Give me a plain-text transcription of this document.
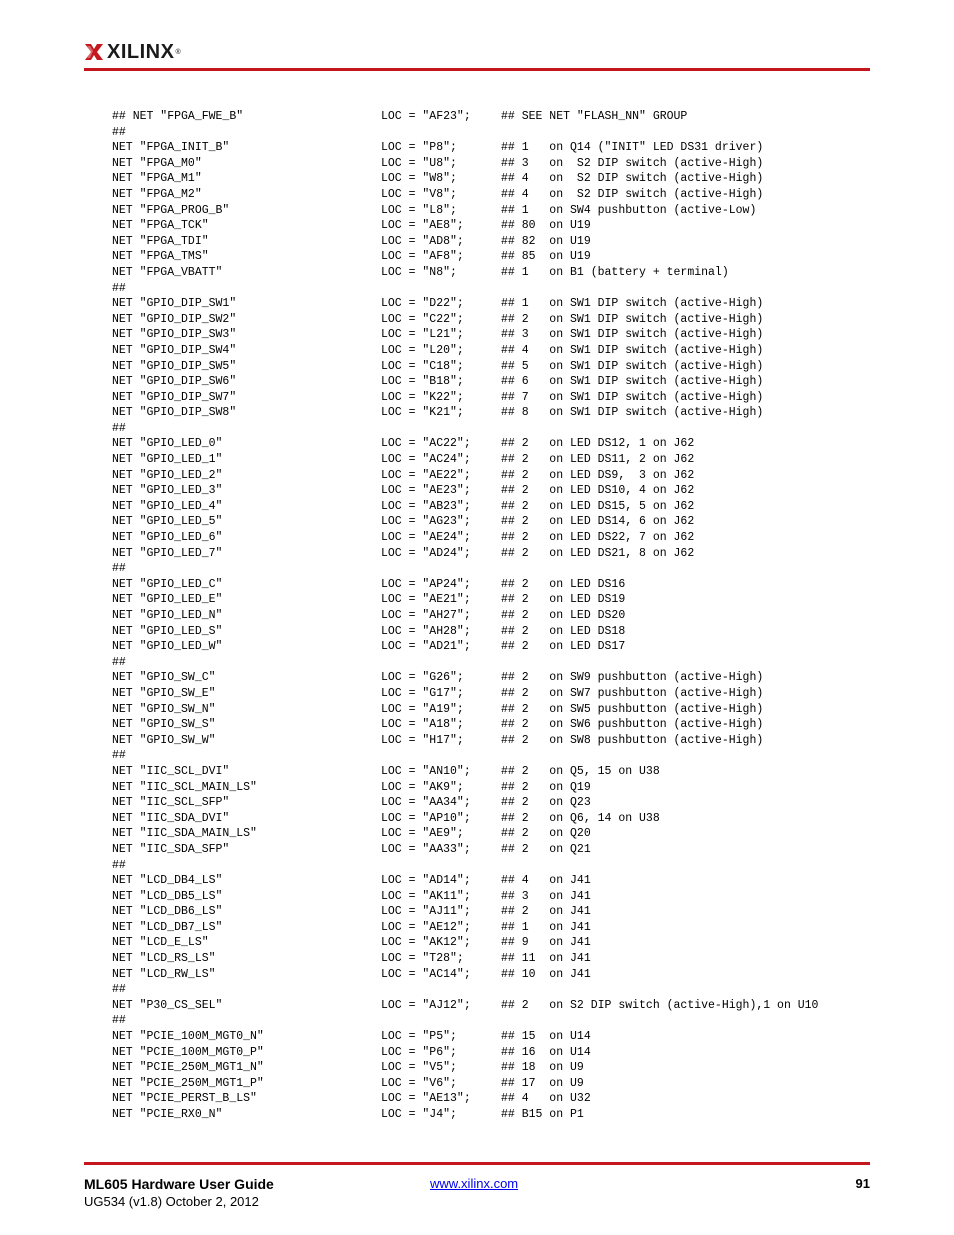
XILINX ®
## NET "FPGA_FWE_B"	LOC = "AF23";	## SEE NET "FLASH_NN" GROUP
##
NET "FPGA_INIT_B"	LOC = "P8";	## 1   on Q14 ("INIT" LED DS31 driver)
NET "FPGA_M0"	LOC = "U8";	## 3   on  S2 DIP switch (active-High)
NET "FPGA_M1"	LOC = "W8";	## 4   on  S2 DIP switch (active-High)
NET "FPGA_M2"	LOC = "V8";	## 4   on  S2 DIP switch (active-High)
NET "FPGA_PROG_B"	LOC = "L8";	## 1   on SW4 pushbutton (active-Low)
NET "FPGA_TCK"	LOC = "AE8";	## 80  on U19
NET "FPGA_TDI"	LOC = "AD8";	## 82  on U19
NET "FPGA_TMS"	LOC = "AF8";	## 85  on U19
NET "FPGA_VBATT"	LOC = "N8";	## 1   on B1 (battery + terminal)
##
NET "GPIO_DIP_SW1"	LOC = "D22";	## 1   on SW1 DIP switch (active-High)
NET "GPIO_DIP_SW2"	LOC = "C22";	## 2   on SW1 DIP switch (active-High)
NET "GPIO_DIP_SW3"	LOC = "L21";	## 3   on SW1 DIP switch (active-High)
NET "GPIO_DIP_SW4"	LOC = "L20";	## 4   on SW1 DIP switch (active-High)
NET "GPIO_DIP_SW5"	LOC = "C18";	## 5   on SW1 DIP switch (active-High)
NET "GPIO_DIP_SW6"	LOC = "B18";	## 6   on SW1 DIP switch (active-High)
NET "GPIO_DIP_SW7"	LOC = "K22";	## 7   on SW1 DIP switch (active-High)
NET "GPIO_DIP_SW8"	LOC = "K21";	## 8   on SW1 DIP switch (active-High)
##
NET "GPIO_LED_0"	LOC = "AC22";	## 2   on LED DS12, 1 on J62
NET "GPIO_LED_1"	LOC = "AC24";	## 2   on LED DS11, 2 on J62
NET "GPIO_LED_2"	LOC = "AE22";	## 2   on LED DS9,  3 on J62
NET "GPIO_LED_3"	LOC = "AE23";	## 2   on LED DS10, 4 on J62
NET "GPIO_LED_4"	LOC = "AB23";	## 2   on LED DS15, 5 on J62
NET "GPIO_LED_5"	LOC = "AG23";	## 2   on LED DS14, 6 on J62
NET "GPIO_LED_6"	LOC = "AE24";	## 2   on LED DS22, 7 on J62
NET "GPIO_LED_7"	LOC = "AD24";	## 2   on LED DS21, 8 on J62
##
NET "GPIO_LED_C"	LOC = "AP24";	## 2   on LED DS16
NET "GPIO_LED_E"	LOC = "AE21";	## 2   on LED DS19
NET "GPIO_LED_N"	LOC = "AH27";	## 2   on LED DS20
NET "GPIO_LED_S"	LOC = "AH28";	## 2   on LED DS18
NET "GPIO_LED_W"	LOC = "AD21";	## 2   on LED DS17
##
NET "GPIO_SW_C"	LOC = "G26";	## 2   on SW9 pushbutton (active-High)
NET "GPIO_SW_E"	LOC = "G17";	## 2   on SW7 pushbutton (active-High)
NET "GPIO_SW_N"	LOC = "A19";	## 2   on SW5 pushbutton (active-High)
NET "GPIO_SW_S"	LOC = "A18";	## 2   on SW6 pushbutton (active-High)
NET "GPIO_SW_W"	LOC = "H17";	## 2   on SW8 pushbutton (active-High)
##
NET "IIC_SCL_DVI"	LOC = "AN10";	## 2   on Q5, 15 on U38
NET "IIC_SCL_MAIN_LS"	LOC = "AK9";	## 2   on Q19
NET "IIC_SCL_SFP"	LOC = "AA34";	## 2   on Q23
NET "IIC_SDA_DVI"	LOC = "AP10";	## 2   on Q6, 14 on U38
NET "IIC_SDA_MAIN_LS"	LOC = "AE9";	## 2   on Q20
NET "IIC_SDA_SFP"	LOC = "AA33";	## 2   on Q21
##
NET "LCD_DB4_LS"	LOC = "AD14";	## 4   on J41
NET "LCD_DB5_LS"	LOC = "AK11";	## 3   on J41
NET "LCD_DB6_LS"	LOC = "AJ11";	## 2   on J41
NET "LCD_DB7_LS"	LOC = "AE12";	## 1   on J41
NET "LCD_E_LS"	LOC = "AK12";	## 9   on J41
NET "LCD_RS_LS"	LOC = "T28";	## 11  on J41
NET "LCD_RW_LS"	LOC = "AC14";	## 10  on J41
##
NET "P30_CS_SEL"	LOC = "AJ12";	## 2   on S2 DIP switch (active-High),1 on U10
##
NET "PCIE_100M_MGT0_N"	LOC = "P5";	## 15  on U14
NET "PCIE_100M_MGT0_P"	LOC = "P6";	## 16  on U14
NET "PCIE_250M_MGT1_N"	LOC = "V5";	## 18  on U9
NET "PCIE_250M_MGT1_P"	LOC = "V6";	## 17  on U9
NET "PCIE_PERST_B_LS"	LOC = "AE13";	## 4   on U32
NET "PCIE_RX0_N"	LOC = "J4";	## B15 on P1
ML605 Hardware User Guide
UG534 (v1.8) October 2, 2012
www.xilinx.com	91
